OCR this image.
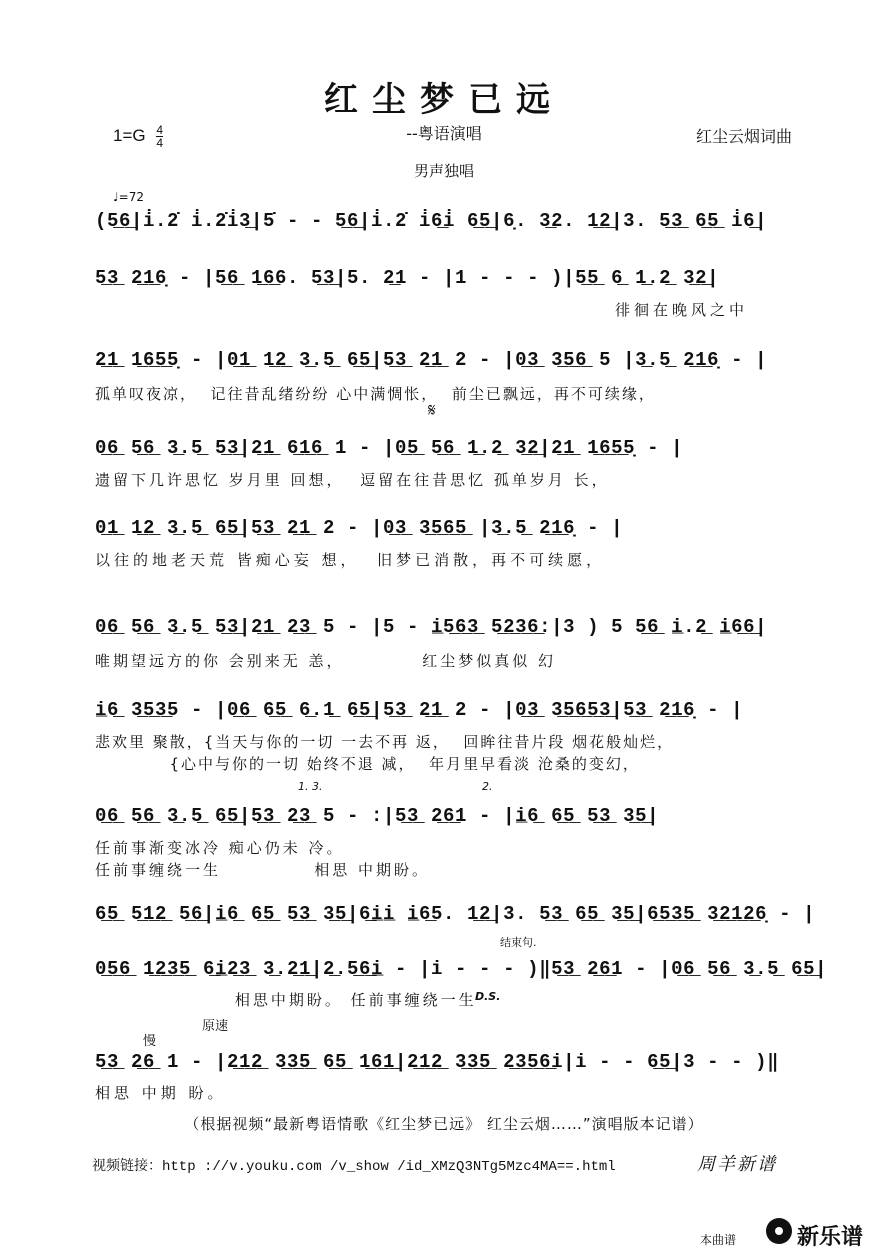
红尘梦已远
$1=G \frac{4}{4}$	--粤语演唱	红尘云烟词曲
男声独唱
♩=72
(5̲6̲|i̇.2̇ i̇.2̇i̇3̲|5̇ - - 5̲6̲|i̇.2̇ i̇6̲i̇ 6̲5̲|6̣. 3̲2. 1̲2̲|3. 5̲3̲ 6̲5̲ i̇6̲|
5̲3̲ 2̲1̲6̣ - |5̲6̲ 1̲6̲6. 5̲3̲|5. 2̲1 - |1 - - - )|5̲5̲ 6̲ 1̲.2̲ 3̲2̲|
徘徊在晚风之中
2̲1̲ 1̲6̲5̲5̣ - |0̲1̲ 1̲2̲ 3̲.5̲ 6̲5̲|5̲3̲ 2̲1̲ 2 - |0̲3̲ 3̲5̲6̲ 5 |3̲.5̲ 2̲1̲6̣ - |
孤单叹夜凉，  记往昔乱绪纷纷 心中满惆怅，  前尘已飘远，再不可续缘，
𝄋
0̲6̲ 5̲6̲ 3̲.5̲ 5̲3̲|2̲1̲ 6̲1̲6̲ 1 - |0̲5̲ 5̲6̲ 1̲.2̲ 3̲2̲|2̲1̲ 1̲6̲5̲5̣ - |
遗留下几许思忆 岁月里 回想，  逗留在往昔思忆 孤单岁月 长，
0̲1̲ 1̲2̲ 3̲.5̲ 6̲5̲|5̲3̲ 2̲1̲ 2 - |0̲3̲ 3̲5̲6̲5̲ |3̲.5̲ 2̲1̲6̣ - |
以往的地老天荒 皆痴心妄 想，  旧梦已消散，再不可续愿，
0̲6̲ 5̲6̲ 3̲.5̲ 5̲3̲|2̲1̲ 2̲3̲ 5 - |5 - i̲5̲6̲3̲ 5̲2̲3̲6̲:|3 ) 5 5̲6̲ i̲.2̲ i̲6̲6̲|
唯期望远方的你 会别来无 恙，          红尘梦似真似 幻
i̲6̲ 3̲5̲3̲5 - |0̲6̲ 6̲5̲ 6̲.1̲ 6̲5̲|5̲3̲ 2̲1̲ 2 - |0̲3̲ 3̲5̲6̲5̲3̲|5̲3̲ 2̲1̲6̣ - |
悲欢里 聚散，{当天与你的一切 一去不再 返，  回眸往昔片段 烟花般灿烂，
{心中与你的一切 始终不退 减，  年月里早看淡 沧桑的变幻，
1. 3.	2.
0̲6̲ 5̲6̲ 3̲.5̲ 6̲5̲|5̲3̲ 2̲3̲ 5 - :|5̲3̲ 2̲6̲1 - |i̲6̲ 6̲5̲ 5̲3̲ 3̲5̲|
任前事渐变冰冷 痴心仍未 冷。
任前事缠绕一生            相思 中期盼。
6̲5̲ 5̲1̲2̲ 5̲6̲|i̲6̲ 6̲5̲ 5̲3̲ 3̲5̲|6̲i̲i̲ i̲6̲5. 1̲2̲|3. 5̲3̲ 6̲5̲ 3̲5̲|6̲5̲3̲5̲ 3̲2̲1̲2̲6̣ - |
结束句.
0̲5̲6̲ 1̲2̲3̲5̲ 6̲i̲2̲3̲ 3̲.2̲1̲|2̲.5̲6̲i̲ - |i - - - )‖5̲3̲ 2̲6̲1 - |0̲6̲ 5̲6̲ 3̲.5̲ 6̲5̲|
相思中期盼。 任前事缠绕一生
D.S.
慢
原速
5̲3̲ 2̲6̲ 1 - |2̲1̲2̲ 3̲3̲5̲ 6̲5̲ 1̲6̲1̲|2̲1̲2̲ 3̲3̲5̲ 2̲3̲5̲6̲i|i - - 6̲5̲|3 - - )‖
相思 中期 盼。
（根据视频“最新粤语情歌《红尘梦已远》 红尘云烟……”演唱版本记谱）
视频链接：http ://v.youku.com /v_show /id_XMzQ3NTg5Mzc4MA==.html	周羊新谱
本曲谱	新乐谱
